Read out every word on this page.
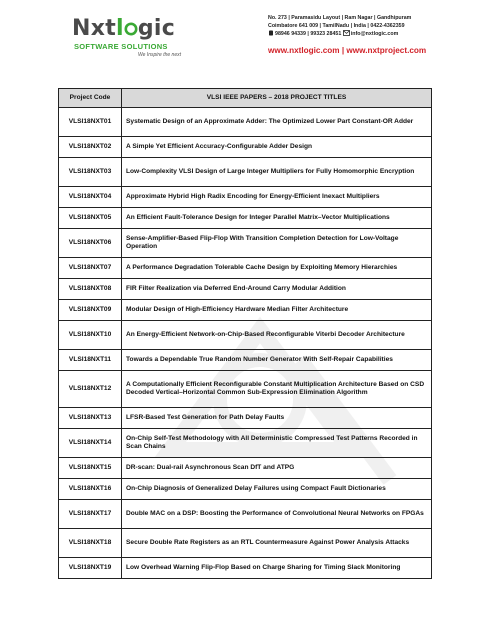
Nxtl gic
SOFTWARE SOLUTIONS
We Inspire the next
No. 273 | Paramasidu Layout | Ram Nagar | Gandhipuram
Coimbatore 641 009 | TamilNadu | India | 0422-4362359
98946 94339 | 99323 28451 info@nxtlogic.com
www.nxtlogic.com | www.nxtproject.com
Project Code	VLSI IEEE PAPERS – 2018 PROJECT TITLES
VLSI18NXT01	Systematic Design of an Approximate Adder: The Optimized Lower Part Constant-OR Adder
VLSI18NXT02	A Simple Yet Efficient Accuracy-Configurable Adder Design
VLSI18NXT03	Low-Complexity VLSI Design of Large Integer Multipliers for Fully Homomorphic Encryption
VLSI18NXT04	Approximate Hybrid High Radix Encoding for Energy-Efficient Inexact Multipliers
VLSI18NXT05	An Efficient Fault-Tolerance Design for Integer Parallel Matrix–Vector Multiplications
VLSI18NXT06	Sense-Amplifier-Based Flip-Flop With Transition Completion Detection for Low-Voltage Operation
VLSI18NXT07	A Performance Degradation Tolerable Cache Design by Exploiting Memory Hierarchies
VLSI18NXT08	FIR Filter Realization via Deferred End-Around Carry Modular Addition
VLSI18NXT09	Modular Design of High-Efficiency Hardware Median Filter Architecture
VLSI18NXT10	An Energy-Efficient Network-on-Chip-Based Reconfigurable Viterbi Decoder Architecture
VLSI18NXT11	Towards a Dependable True Random Number Generator With Self-Repair Capabilities
VLSI18NXT12	A Computationally Efficient Reconfigurable Constant Multiplication Architecture Based on CSD Decoded Vertical–Horizontal Common Sub-Expression Elimination Algorithm
VLSI18NXT13	LFSR-Based Test Generation for Path Delay Faults
VLSI18NXT14	On-Chip Self-Test Methodology with All Deterministic Compressed Test Patterns Recorded in Scan Chains
VLSI18NXT15	DR-scan: Dual-rail Asynchronous Scan DfT and ATPG
VLSI18NXT16	On-Chip Diagnosis of Generalized Delay Failures using Compact Fault Dictionaries
VLSI18NXT17	Double MAC on a DSP: Boosting the Performance of Convolutional Neural Networks on FPGAs
VLSI18NXT18	Secure Double Rate Registers as an RTL Countermeasure Against Power Analysis Attacks
VLSI18NXT19	Low Overhead Warning Flip-Flop Based on Charge Sharing for Timing Slack Monitoring
